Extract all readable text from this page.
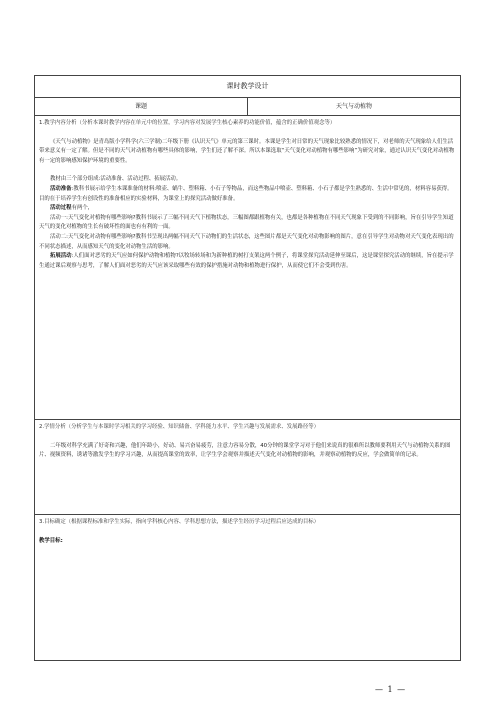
课时教学设计
课题	天气与动植物

1.教学内容分析（分析本课时教学内容在单元中的位置，学习内容对发展学生核心素养的功能价值，蕴含的正确价值观念等）

《天气与动植物》是青岛版小学科学(六三学制)二年级下册《认识天气》单元的第三课时。本课是学生对日常的天气现象比较熟悉的情况下，对老师的天气现象给人们生活带来意义有一定了解。但是不同的天气对动植物有哪些具体的影响，学生们还了解不深。所以本课选取“天气变化对动植物有哪些影响”为研究对象，通过认识天气变化对动植物有一定的影响感知保护环境的重要性。

教材由三个部分组成:活动准备、活动过程、拓展活动。

活动准备:教科书展示给学生本课准备的材料:喷壶、蜗牛、塑料箱、小石子等物品，而这些物品中喷壶、塑料箱、小石子都是学生熟悉的、生活中常见的，材料容易获得。目的在于培养学生有创设性的准备相应的实验材料，为课堂上的探究活动做好准备。

活动过程有两个，

活动一:天气变化对植物有哪些影响?教科书展示了三幅不同天气下植物状态，三幅图都跟植物有关，也都是各种植物在不同天气现象下受到的不同影响，旨在引导学生知道天气的变化对植物的生长有破坏性的面也有有利的一面。

活动二:天气变化对动物有哪些影响?教科书呈现出两幅不同天气下动物们的生活状态，这些图片都是天气变化对动物影响的图片，意在引导学生对动物对天气变化表现出的不同状态描述，从而感知天气的变化对动物生活的影响。

拓展活动:人们面对恶劣的天气应如何保护动物和植物?以牧场转场和为新种植的树打支架这两个例子，将课堂探究活动延伸至课后，这是课堂探究活动的继续，旨在提示学生通过课后观察与思考，了解人们面对恶劣的天气应该采取哪些有效的保护措施对动物和植物进行保护，从而使它们不会受到伤害。

2.学情分析（分析学生与本课时学习相关的学习经验、知识储备、学科能力水平、学生兴趣与发展需求、发展路径等）

二年级对科学充满了好奇和兴趣，他们年龄小，好动、易兴奋易疲劳，注意力容易分散，40分钟的课堂学习对于他们来说真的很难所以教师要利用天气与动植物关系的图片、视频资料，诱诸等激发学生的学习兴趣，从而提高课堂的效率，让学生学会观察并描述天气变化对动植物的影响，并观察动植物的反应，学会做简单的记录。

3.目标确定（根据课程标准和学生实际，指向学科核心内容、学科思想方法，描述学生经历学习过程后应达成的目标）

教学目标:

— 1 —
